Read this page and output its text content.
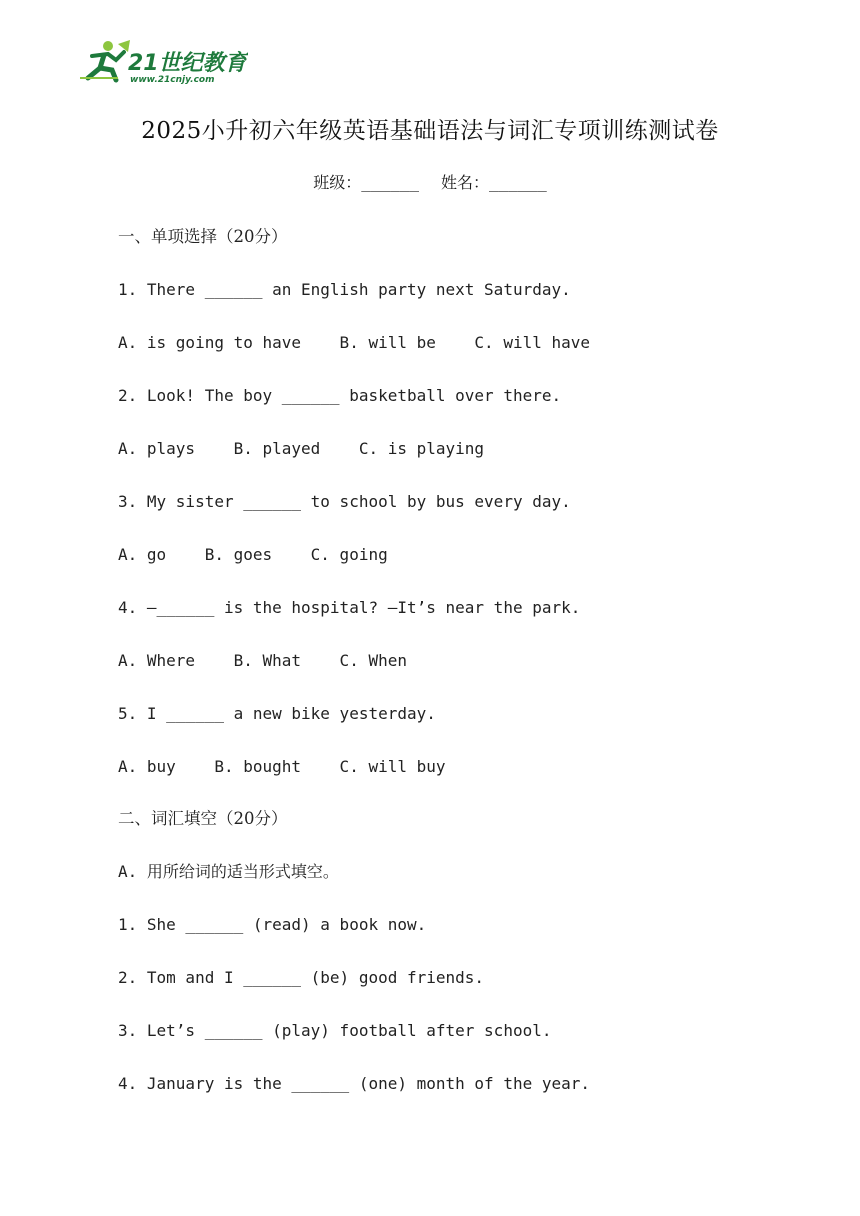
21世纪教育
www.21cnjy.com
2025小升初六年级英语基础语法与词汇专项训练测试卷
班级：______ 姓名：______
一、单项选择（20分）
1. There ______ an English party next Saturday.
A. is going to have    B. will be    C. will have
2. Look! The boy ______ basketball over there.
A. plays    B. played    C. is playing
3. My sister ______ to school by bus every day.
A. go    B. goes    C. going
4. —______ is the hospital? —It’s near the park.
A. Where    B. What    C. When
5. I ______ a new bike yesterday.
A. buy    B. bought    C. will buy
二、词汇填空（20分）
A. 用所给词的适当形式填空。
1. She ______ (read) a book now.
2. Tom and I ______ (be) good friends.
3. Let’s ______ (play) football after school.
4. January is the ______ (one) month of the year.
